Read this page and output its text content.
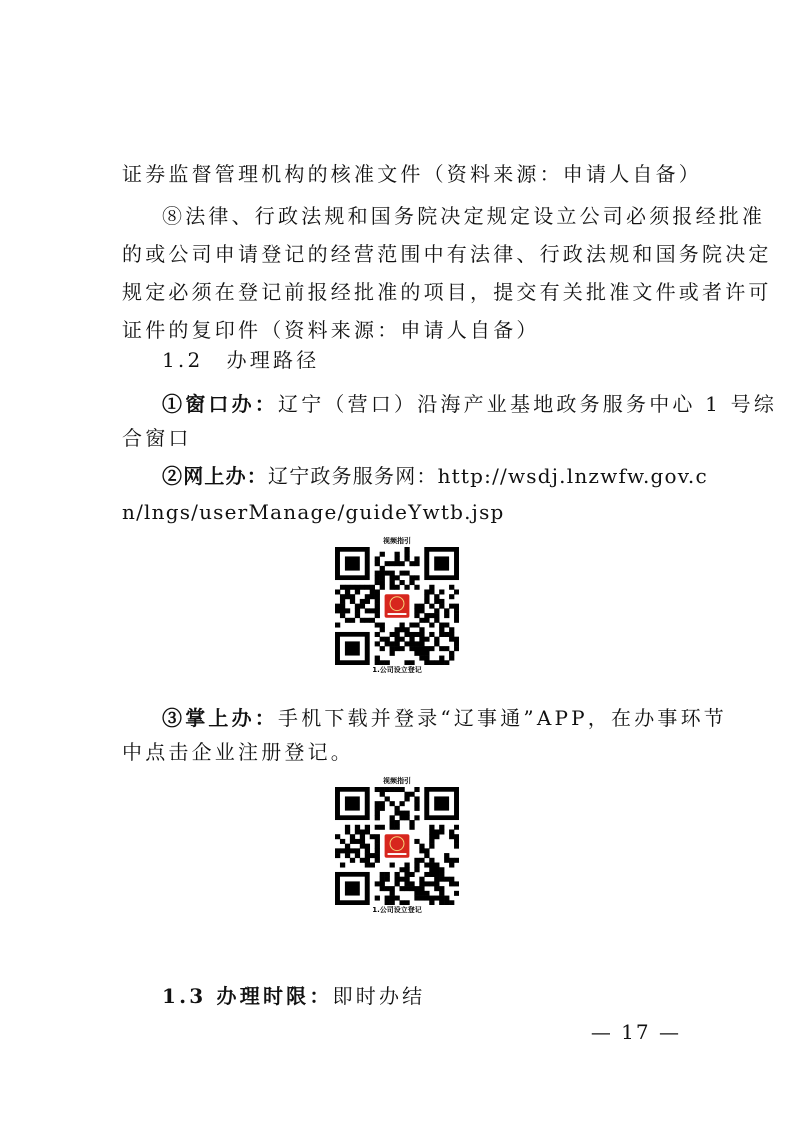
证券监督管理机构的核准文件（资料来源：申请人自备）
⑧法律、行政法规和国务院决定规定设立公司必须报经批准
的或公司申请登记的经营范围中有法律、行政法规和国务院决定
规定必须在登记前报经批准的项目，提交有关批准文件或者许可
证件的复印件（资料来源：申请人自备）
1.2　办理路径
①窗口办：辽宁（营口）沿海产业基地政务服务中心 1 号综
合窗口
②网上办：辽宁政务服务网：http://wsdj.lnzwfw.gov.c
n/lngs/userManage/guideYwtb.jsp
视频指引
1.公司设立登记
③掌上办：手机下载并登录“辽事通”APP，在办事环节
中点击企业注册登记。
视频指引
1.公司设立登记
1.3 办理时限：即时办结
— 17 —
